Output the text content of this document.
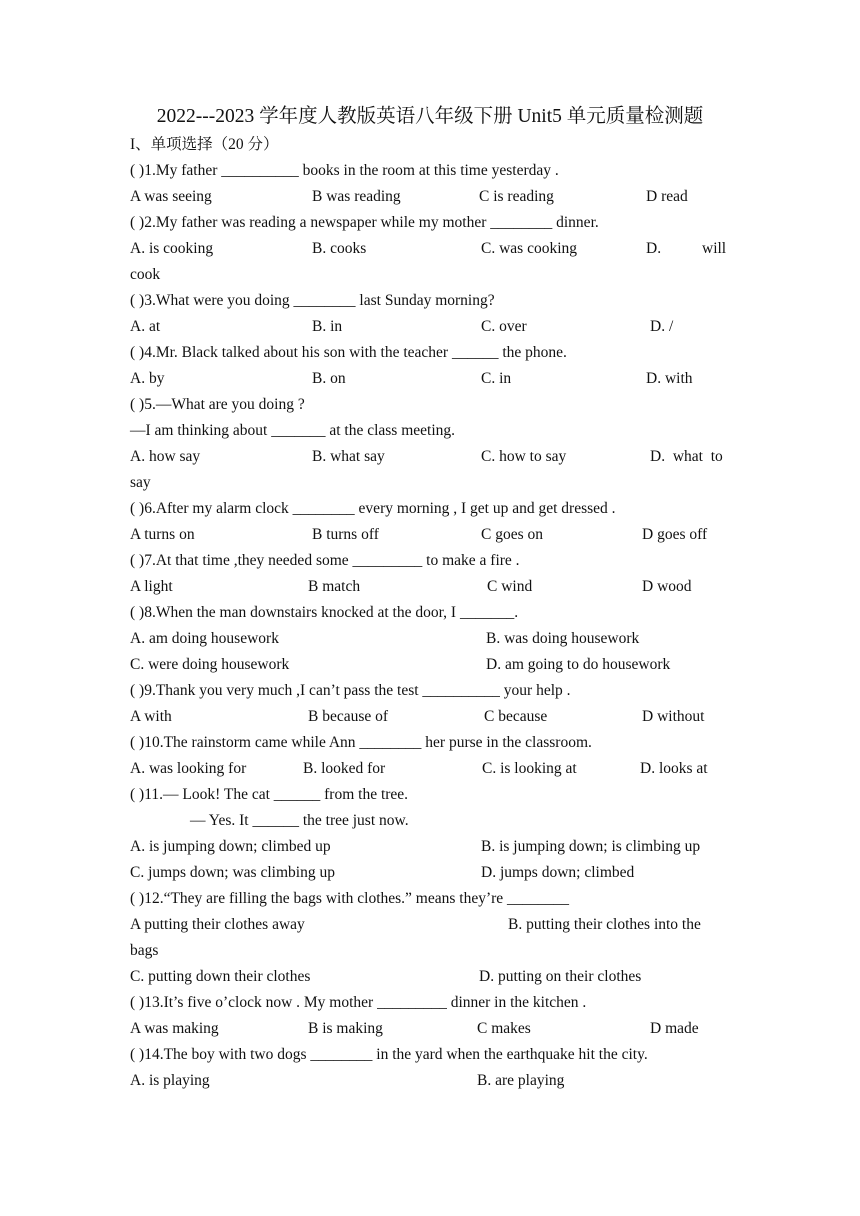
2022---2023 学年度人教版英语八年级下册 Unit5 单元质量检测题
I、单项选择（20 分）
( )1.My father __________ books in the room at this time yesterday .
A was seeing	B was reading	C is reading	D read
( )2.My father was reading a newspaper while my mother ________ dinner.
A. is cooking	B. cooks	C. was cooking	D.	will
cook
( )3.What were you doing ________ last Sunday morning?
A. at	B. in	C. over	D. /
( )4.Mr. Black talked about his son with the teacher ______ the phone.
A. by	B. on	C. in	D. with
( )5.—What are you doing ?
—I am thinking about _______ at the class meeting.
A. how say	B. what say	C. how to say	D.  what  to
say
( )6.After my alarm clock ________ every morning , I get up and get dressed .
A turns on	B turns off	C goes on	D goes off
( )7.At that time ,they needed some _________ to make a fire .
A light	B match	C wind	D wood
( )8.When the man downstairs knocked at the door, I _______.
A. am doing housework	B. was doing housework
C. were doing housework	D. am going to do housework
( )9.Thank you very much ,I can’t pass the test __________ your help .
A with	B because of	C because	D without
( )10.The rainstorm came while Ann ________ her purse in the classroom.
A. was looking for	B. looked for	C. is looking at	D. looks at
( )11.— Look! The cat ______ from the tree.
— Yes. It ______ the tree just now.
A. is jumping down; climbed up	B. is jumping down; is climbing up
C. jumps down; was climbing up	D. jumps down; climbed
( )12.“They are filling the bags with clothes.” means they’re ________
A putting their clothes away	B. putting their clothes into the
bags
C. putting down their clothes	D. putting on their clothes
( )13.It’s five o’clock now . My mother _________ dinner in the kitchen .
A was making	B is making	C makes	D made
( )14.The boy with two dogs ________ in the yard when the earthquake hit the city.
A. is playing	B. are playing
